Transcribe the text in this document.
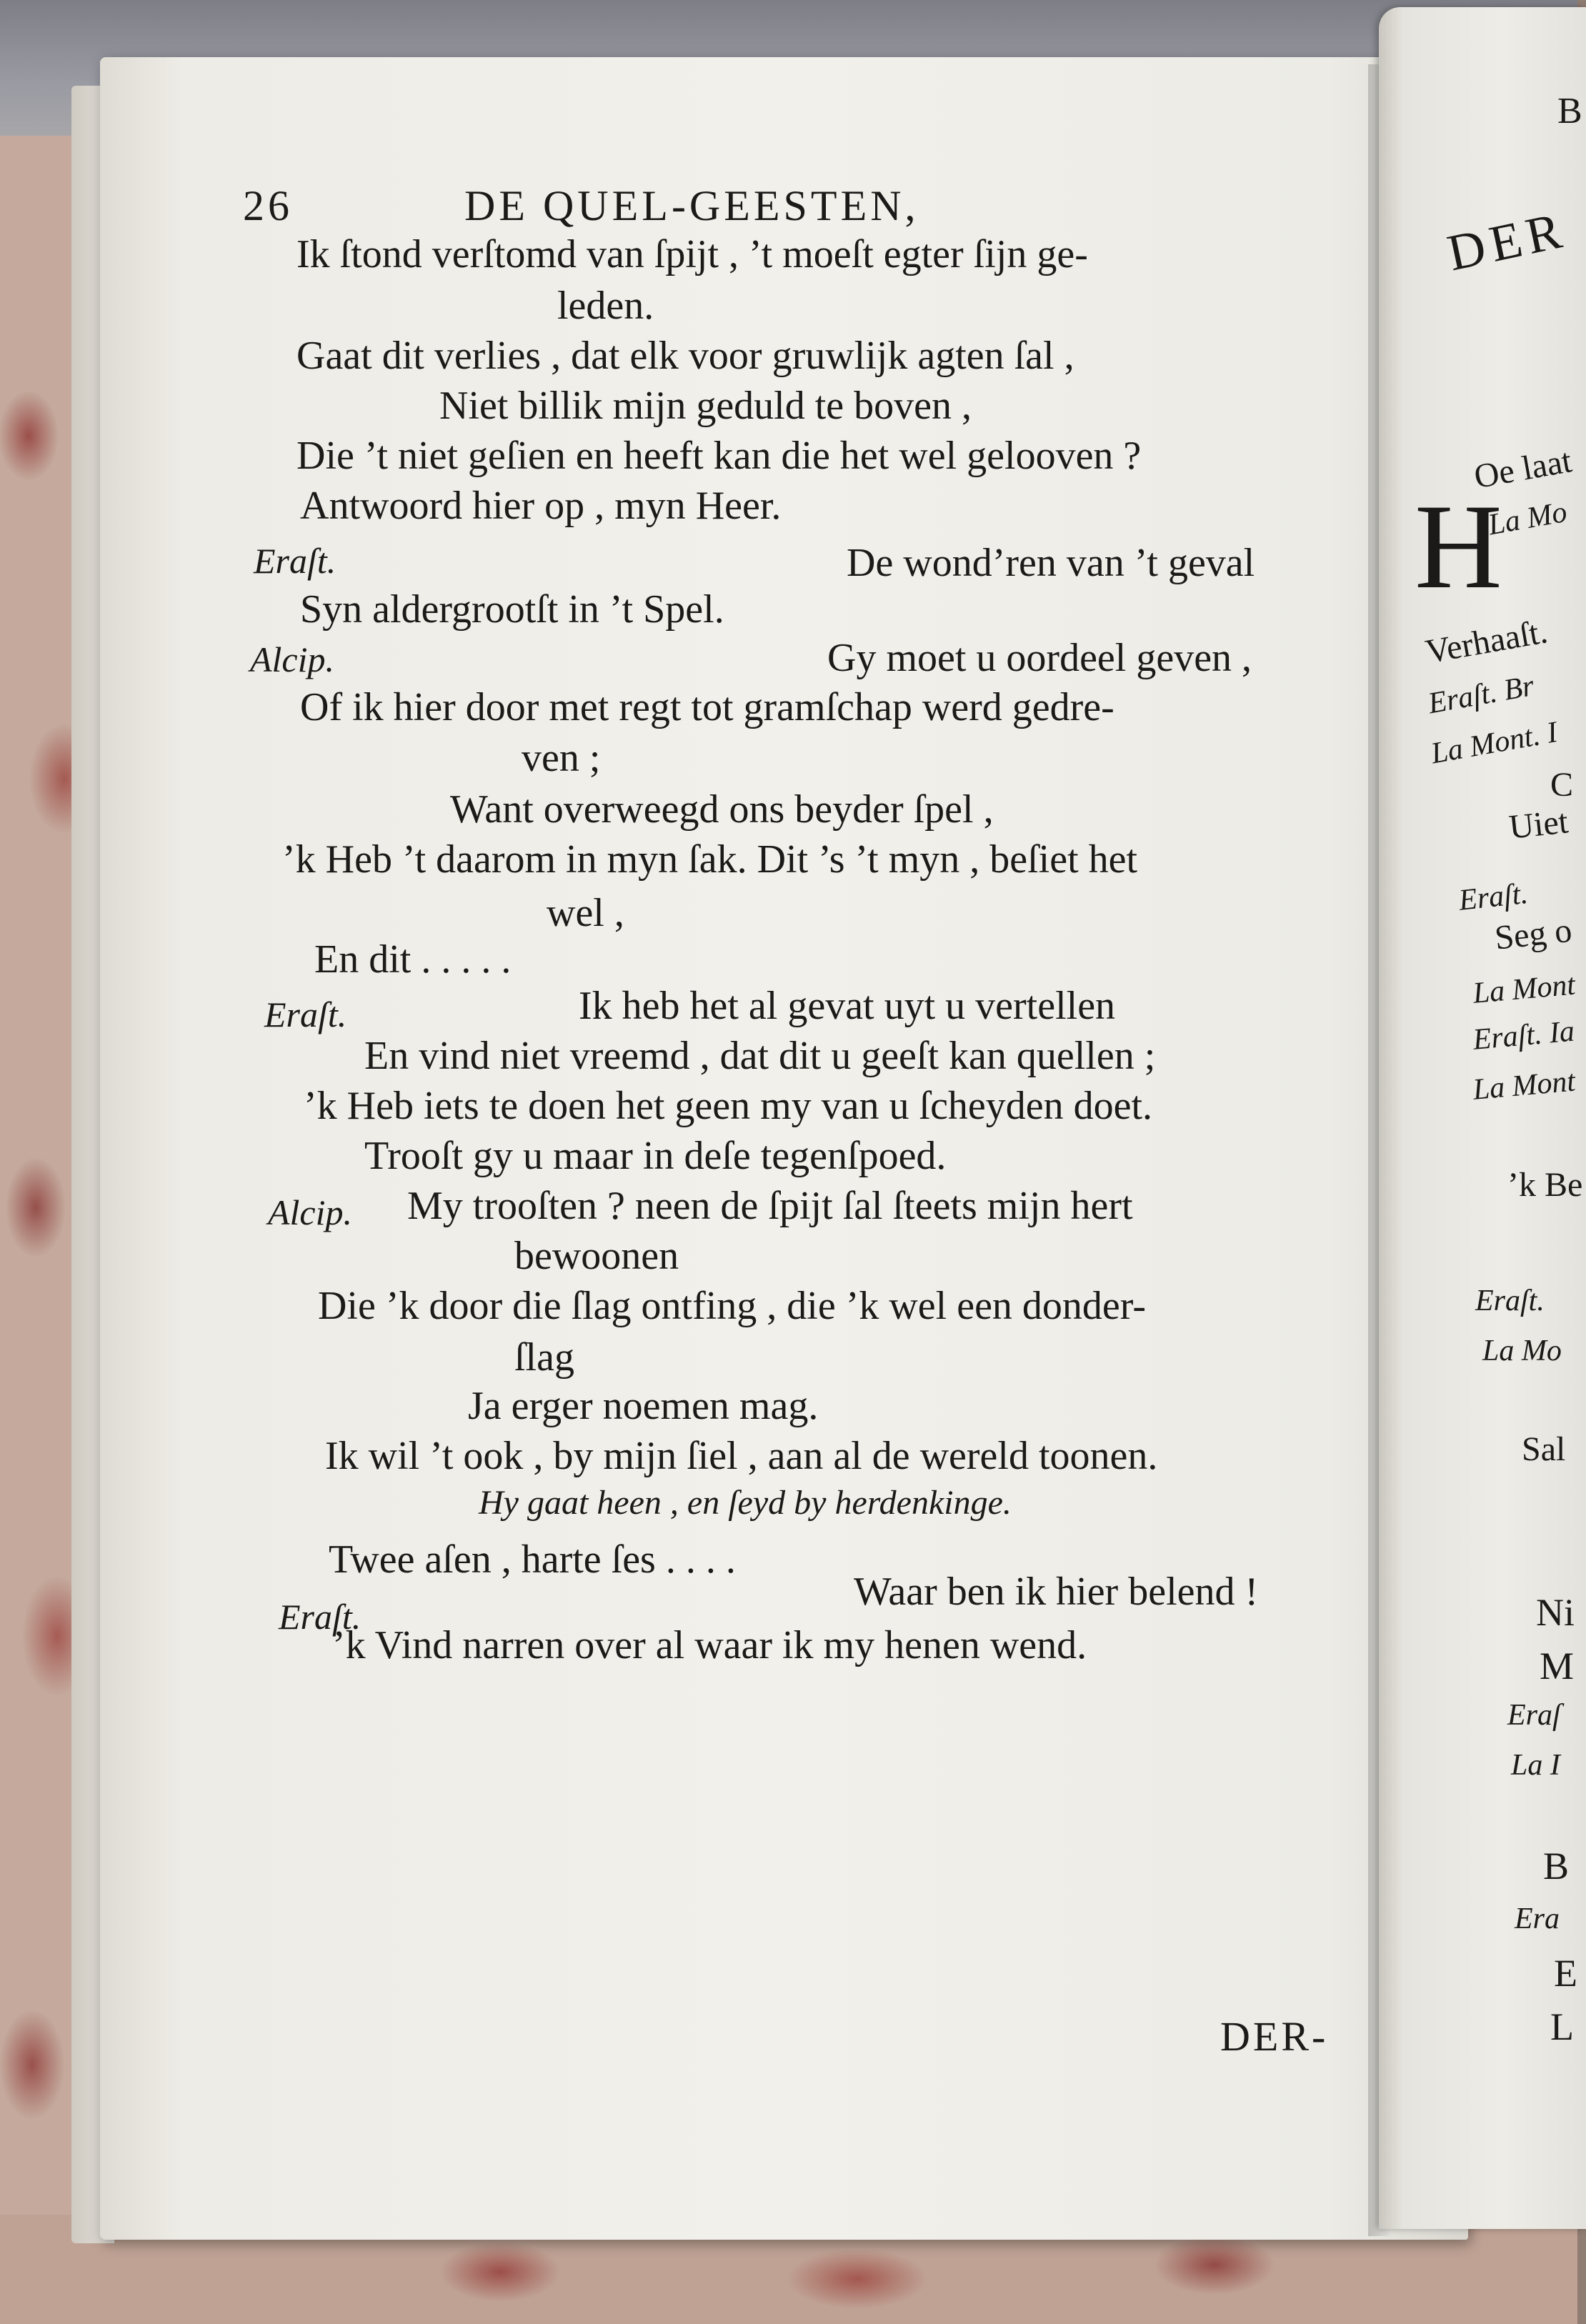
B
DER
H
Oe laat
La Mo
Verhaaſt.
Eraſt. Br
La Mont. I
C
Uiet
Eraſt.
Seg o
La Mont
Eraſt. Ia
La Mont
’k Be
Eraſt.
La Mo
Sal
Ni
M
Eraſ
La I
B
Era
E
L
26	DE QUEL-GEESTEN,
Ik ſtond verſtomd van ſpijt , ’t moeſt egter ſijn ge-
leden.
Gaat dit verlies , dat elk voor gruwlijk agten ſal ,
Niet billik mijn geduld te boven ,
Die ’t niet geſien en heeft kan die het wel gelooven ?
Antwoord hier op , myn Heer.
Eraſt.	De wond’ren van ’t geval
Syn aldergrootſt in ’t Spel.
Alcip.	Gy moet u oordeel geven ,
Of ik hier door met regt tot gramſchap werd gedre-
ven ;
Want overweegd ons beyder ſpel ,
’k Heb ’t daarom in myn ſak. Dit ’s ’t myn , beſiet het
wel ,
En dit . . . . .
Eraſt.	Ik heb het al gevat uyt u vertellen
En vind niet vreemd , dat dit u geeſt kan quellen ;
’k Heb iets te doen het geen my van u ſcheyden doet.
Trooſt gy u maar in deſe tegenſpoed.
Alcip. My trooſten ? neen de ſpijt ſal ſteets mijn hert
bewoonen
Die ’k door die ſlag ontfing , die ’k wel een donder-
ſlag
Ja erger noemen mag.
Ik wil ’t ook , by mijn ſiel , aan al de wereld toonen.
Hy gaat heen , en ſeyd by herdenkinge.
Twee aſen , harte ſes . . . .
Eraſt.
Waar ben ik hier belend !
’k Vind narren over al waar ik my henen wend.
DER-
